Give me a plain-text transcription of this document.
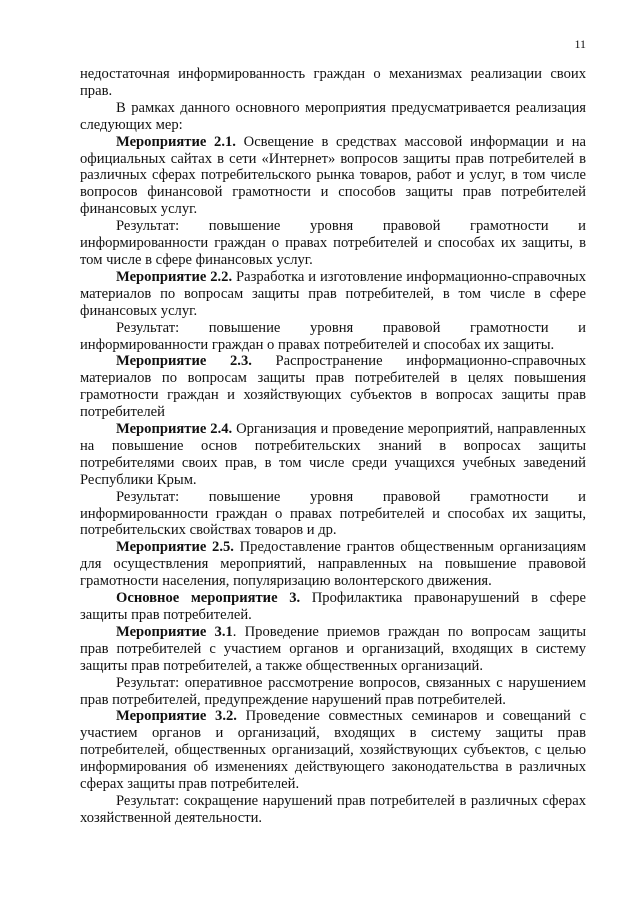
11

недостаточная информированность граждан о механизмах реализации своих прав.

В рамках данного основного мероприятия предусматривается реализация следующих мер:

Мероприятие 2.1. Освещение в средствах массовой информации и на официальных сайтах в сети «Интернет» вопросов защиты прав потребителей в различных сферах потребительского рынка товаров, работ и услуг, в том числе вопросов финансовой грамотности и способов защиты прав потребителей финансовых услуг.

Результат: повышение уровня правовой грамотности и информированности граждан о правах потребителей и способах их защиты, в том числе в сфере финансовых услуг.

Мероприятие 2.2. Разработка и изготовление информационно-справочных материалов по вопросам защиты прав потребителей, в том числе в сфере финансовых услуг.

Результат: повышение уровня правовой грамотности и информированности граждан о правах потребителей и способах их защиты.

Мероприятие 2.3. Распространение информационно-справочных материалов по вопросам защиты прав потребителей в целях повышения грамотности граждан и хозяйствующих субъектов в вопросах защиты прав потребителей

Мероприятие 2.4. Организация и проведение мероприятий, направленных на повышение основ потребительских знаний в вопросах защиты потребителями своих прав, в том числе среди учащихся учебных заведений Республики Крым.

Результат: повышение уровня правовой грамотности и информированности граждан о правах потребителей и способах их защиты, потребительских свойствах товаров и др.

Мероприятие 2.5. Предоставление грантов общественным организациям для осуществления мероприятий, направленных на повышение правовой грамотности населения, популяризацию волонтерского движения.

Основное мероприятие 3. Профилактика правонарушений в сфере защиты прав потребителей.

Мероприятие 3.1. Проведение приемов граждан по вопросам защиты прав потребителей с участием органов и организаций, входящих в систему защиты прав потребителей, а также общественных организаций.

Результат: оперативное рассмотрение вопросов, связанных с нарушением прав потребителей, предупреждение нарушений прав потребителей.

Мероприятие 3.2. Проведение совместных семинаров и совещаний с участием органов и организаций, входящих в систему защиты прав потребителей, общественных организаций, хозяйствующих субъектов, с целью информирования об изменениях действующего законодательства в различных сферах защиты прав потребителей.

Результат: сокращение нарушений прав потребителей в различных сферах хозяйственной деятельности.
